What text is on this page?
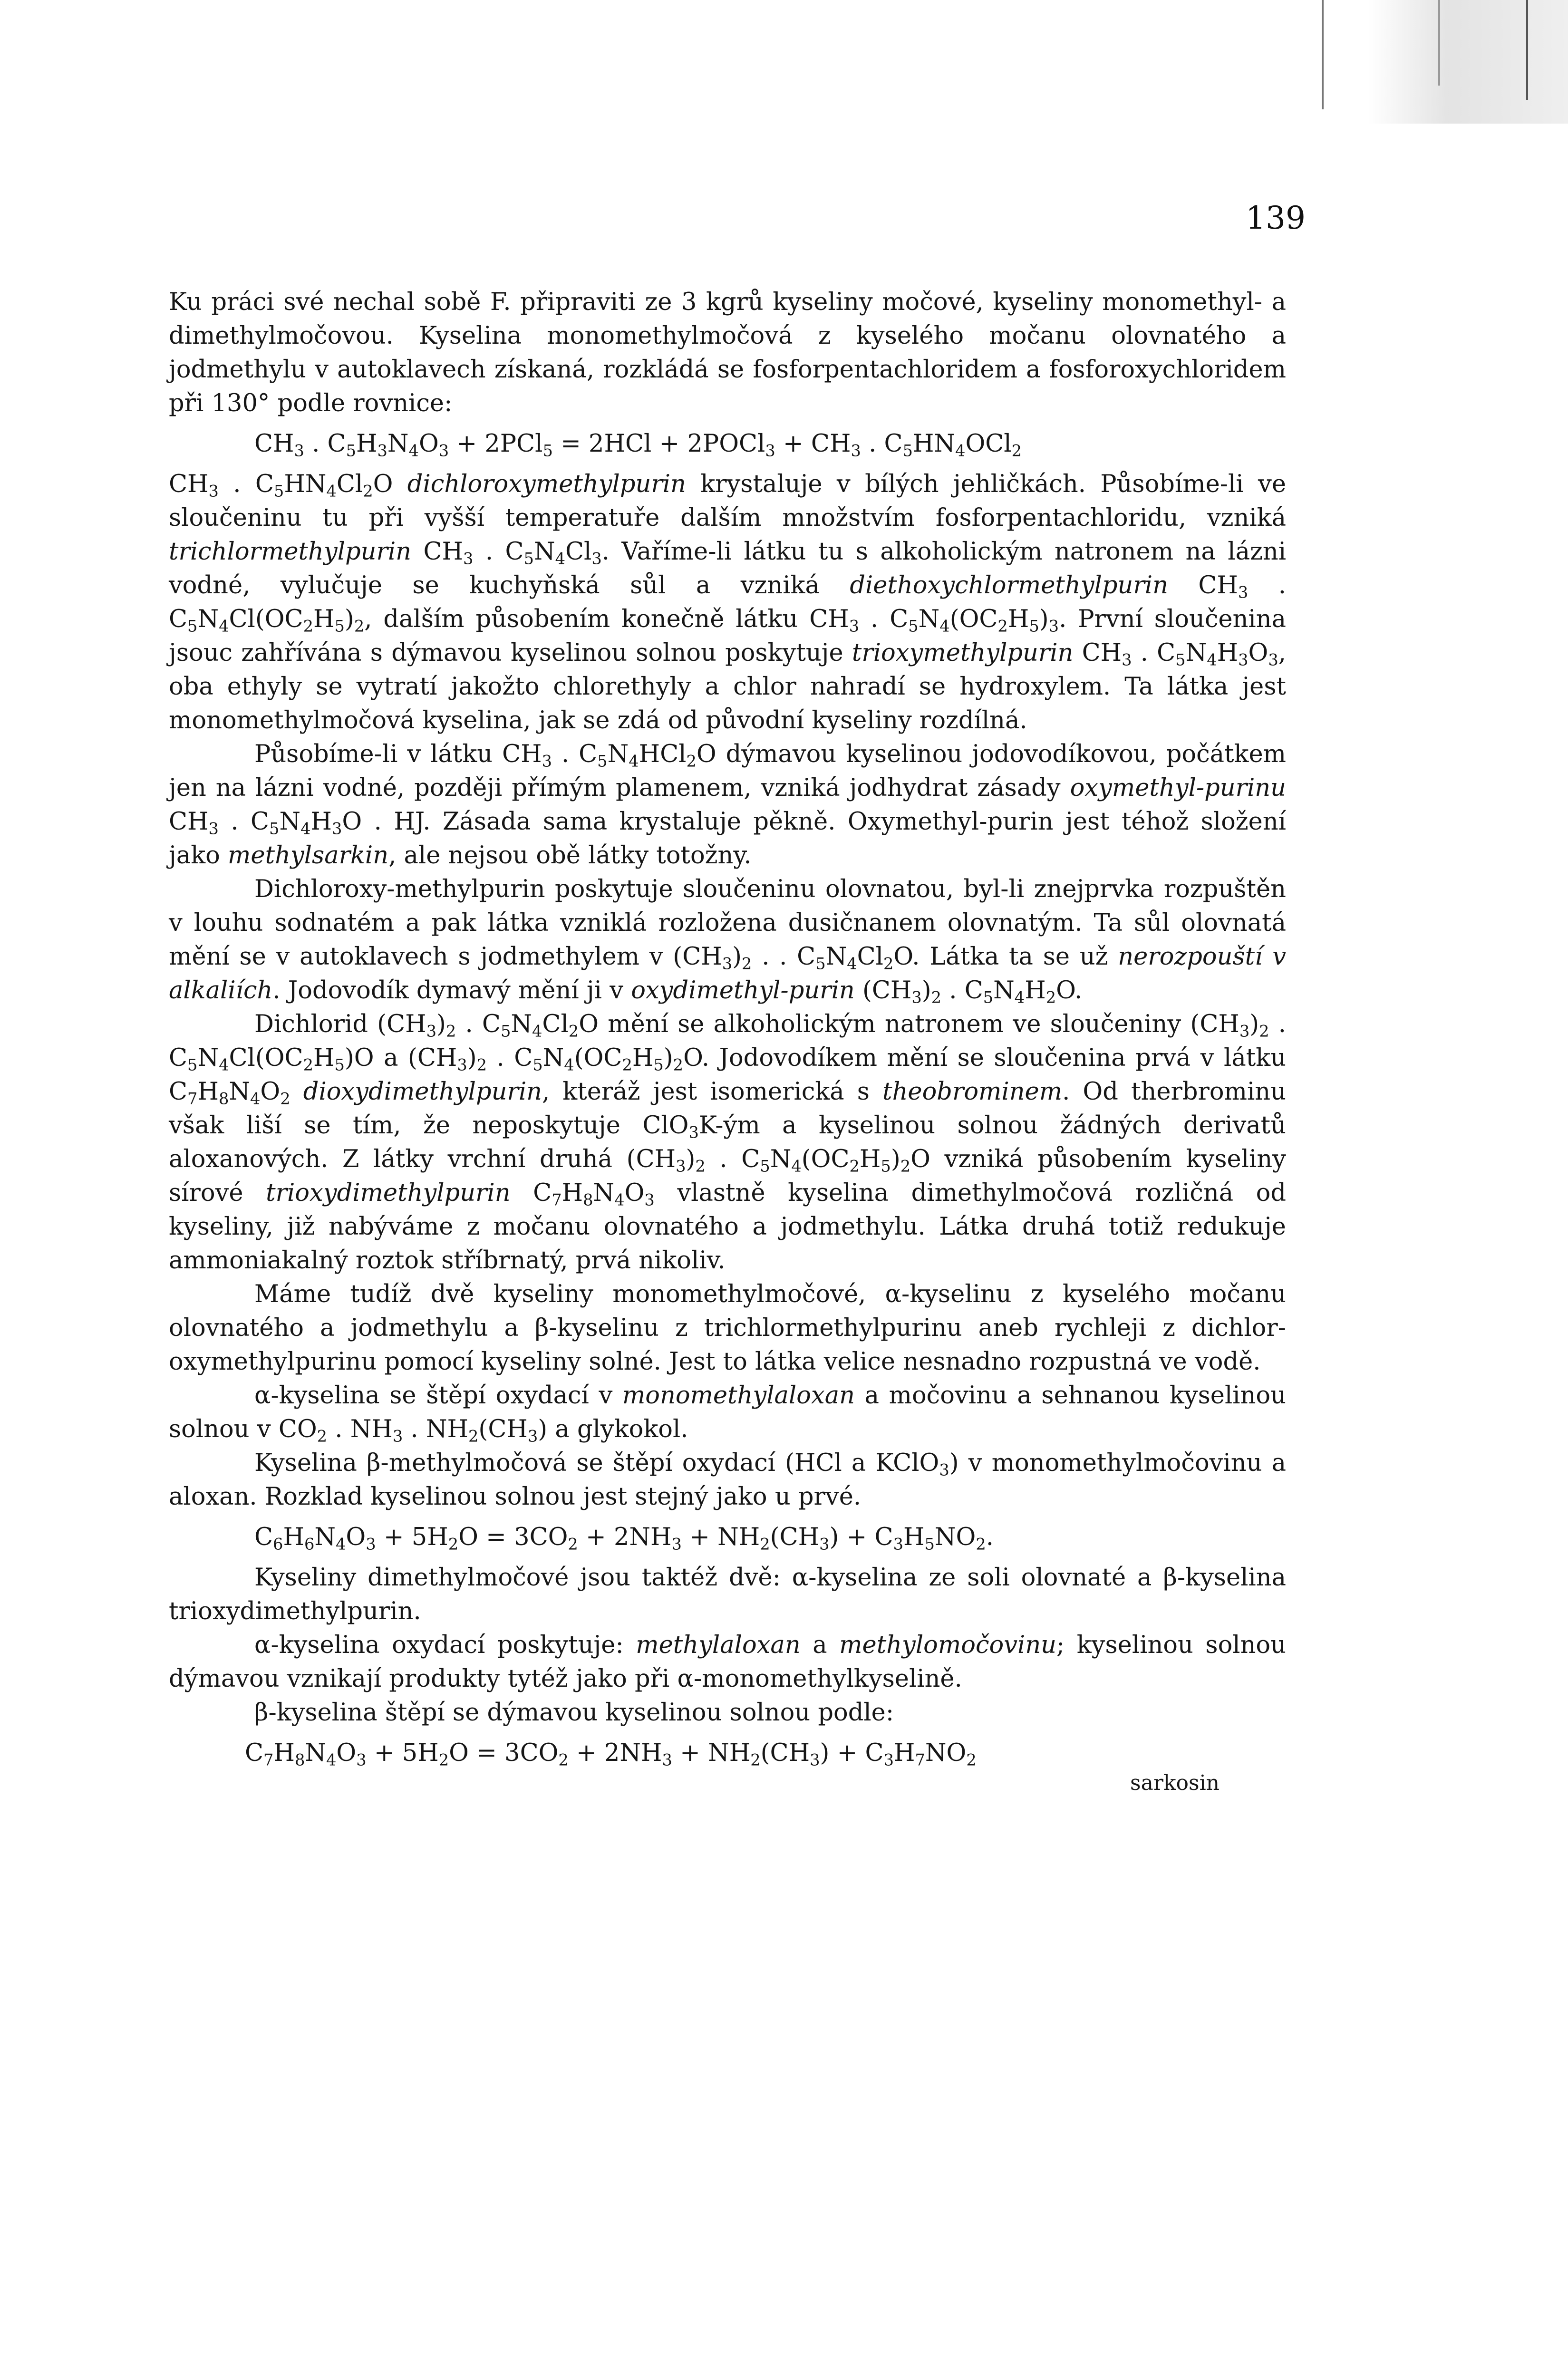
139

Ku práci své nechal sobě F. připraviti ze 3 kgrů kyseliny močové, kyseliny monomethyl- a dimethylmočovou. Kyselina monomethylmočová z kyselého močanu olovnatého a jodmethylu v autoklavech získaná, rozkládá se fosforpentachloridem a fosforoxychloridem při 130° podle rovnice:

$CH_3$ . $C_5H_3N_4O_3 + 2PCl_5 = 2HCl$ + 2POCl$_3$ + $CH_3$ . $C_5HN_4OCl_2$

$CH_3$ . $C_5HN_4Cl_2O$ dichloroxymethylpurin krystaluje v bílých jehličkách. Působíme-li ve sloučeninu tu při vyšší temperatuře dalším množstvím fosforpentachloridu, vzniká trichlormethylpurin $CH_3$ . $C_5N_4Cl_3$. Vaříme-li látku tu s alkoholickým natronem na lázni vodné, vylučuje se kuchyňská sůl a vzniká diethoxychlormethylpurin $CH_3$ . $C_5N_4Cl(OC_2H_5)_2$, dalším působením konečně látku $CH_3$ . $C_5N_4(OC_2H_5)_3$. První sloučenina jsouc zahřívána s dýmavou kyselinou solnou poskytuje trioxymethylpurin $CH_3$ . $C_5N_4H_3O_3$, oba ethyly se vytratí jakožto chlorethyly a chlor nahradí se hydroxylem. Ta látka jest monomethylmočová kyselina, jak se zdá od původní kyseliny rozdílná.

Působíme-li v látku $CH_3$ . $C_5N_4HCl_2O$ dýmavou kyselinou jodovodíkovou, počátkem jen na lázni vodné, později přímým plamenem, vzniká jodhydrat zásady oxymethyl-purinu $CH_3$ . $C_5N_4H_3O$ . HJ. Zásada sama krystaluje pěkně. Oxymethyl-purin jest téhož složení jako methylsarkin, ale nejsou obě látky totožny.

Dichloroxy-methylpurin poskytuje sloučeninu olovnatou, byl-li znejprvka rozpuštěn v louhu sodnatém a pak látka vzniklá rozložena dusičnanem olovnatým. Ta sůl olovnatá mění se v autoklavech s jodmethylem v $(CH_3)_2$ . . $C_5N_4Cl_2O$. Látka ta se už nerozpouští v alkaliích. Jodovodík dymavý mění ji v oxydimethyl-purin $(CH_3)_2$ . $C_5N_4H_2O$.

Dichlorid $(CH_3)_2$ . $C_5N_4Cl_2O$ mění se alkoholickým natronem ve sloučeniny $(CH_3)_2$ . $C_5N_4Cl(OC_2H_5)O$ a $(CH_3)_2$ . $C_5N_4(OC_2H_5)_2O$. Jodovodíkem mění se sloučenina prvá v látku $C_7H_8N_4O_2$ dioxydimethylpurin, kteráž jest isomerická s theobrominem. Od therbrominu však liší se tím, že neposkytuje ClO$_3$K-ým a kyselinou solnou žádných derivatů aloxanových. Z látky vrchní druhá $(CH_3)_2$ . $C_5N_4(OC_2H_5)_2O$ vzniká působením kyseliny sírové trioxydimethylpurin $C_7H_8N_4O_3$ vlastně kyselina dimethylmočová rozličná od kyseliny, již nabýváme z močanu olovnatého a jodmethylu. Látka druhá totiž redukuje ammoniakalný roztok stříbrnatý, prvá nikoliv.

Máme tudíž dvě kyseliny monomethylmočové, α-kyselinu z kyselého močanu olovnatého a jodmethylu a β-kyselinu z trichlormethylpurinu aneb rychleji z dichlor-oxymethylpurinu pomocí kyseliny solné. Jest to látka velice nesnadno rozpustná ve vodě.

α-kyselina se štěpí oxydací v monomethylaloxan a močovinu a sehnanou kyselinou solnou v $CO_2$ . $NH_3$ . $NH_2(CH_3)$ a glykokol.

Kyselina β-methylmočová se štěpí oxydací (HCl a KClO$_3$) v monomethylmočovinu a aloxan. Rozklad kyselinou solnou jest stejný jako u prvé.

$C_6H_6N_4O_3 + 5H_2O = 3CO_2 + 2NH_3 + NH_2(CH_3) + C_3H_5NO_2$.

Kyseliny dimethylmočové jsou taktéž dvě: α-kyselina ze soli olovnaté a β-kyselina trioxydimethylpurin.

α-kyselina oxydací poskytuje: methylaloxan a methylomočovinu; kyselinou solnou dýmavou vznikají produkty tytéž jako při α-monomethylkyselině.

β-kyselina štěpí se dýmavou kyselinou solnou podle:

$C_7H_8N_4O_3 + 5H_2O = 3CO_2 + 2NH_3 + NH_2(CH_3) + C_3H_7NO_2$
sarkosin
